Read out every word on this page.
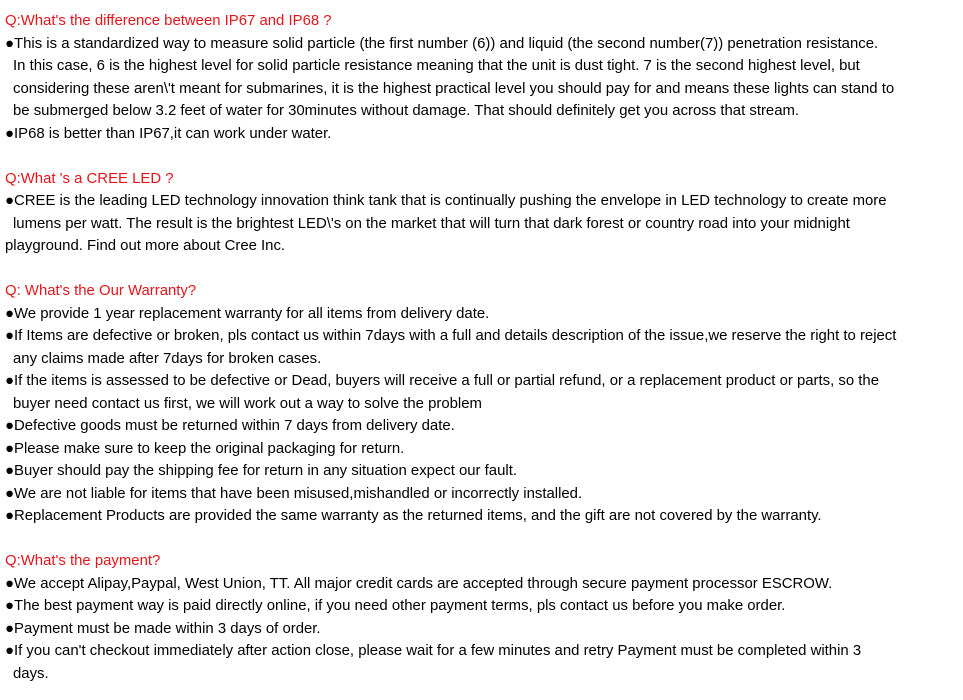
Q:What's the difference between IP67 and IP68 ?

●This is a standardized way to measure solid particle (the first number (6)) and liquid (the second number(7)) penetration resistance.

In this case, 6 is the highest level for solid particle resistance meaning that the unit is dust tight. 7 is the second highest level, but

considering these aren\'t meant for submarines, it is the highest practical level you should pay for and means these lights can stand to

be submerged below 3.2 feet of water for 30minutes without damage. That should definitely get you across that stream.

●IP68 is better than IP67,it can work under water.

Q:What 's a CREE LED ?

●CREE is the leading LED technology innovation think tank that is continually pushing the envelope in LED technology to create more

lumens per watt. The result is the brightest LED\'s on the market that will turn that dark forest or country road into your midnight

playground. Find out more about Cree Inc.

Q: What's the Our Warranty?

●We provide 1 year replacement warranty for all items from delivery date.

●If Items are defective or broken, pls contact us within 7days with a full and details description of the issue,we reserve the right to reject

any claims made after 7days for broken cases.

●If the items is assessed to be defective or Dead, buyers will receive a full or partial refund, or a replacement product or parts, so the

buyer need contact us first, we will work out a way to solve the problem

●Defective goods must be returned within 7 days from delivery date.

●Please make sure to keep the original packaging for return.

●Buyer should pay the shipping fee for return in any situation expect our fault.

●We are not liable for items that have been misused,mishandled or incorrectly installed.

●Replacement Products are provided the same warranty as the returned items, and the gift are not covered by the warranty.

Q:What's the payment?

●We accept Alipay,Paypal, West Union, TT. All major credit cards are accepted through secure payment processor ESCROW.

●The best payment way is paid directly online, if you need other payment terms, pls contact us before you make order.

●Payment must be made within 3 days of order.

●If you can't checkout immediately after action close, please wait for a few minutes and retry Payment must be completed within 3

days.
